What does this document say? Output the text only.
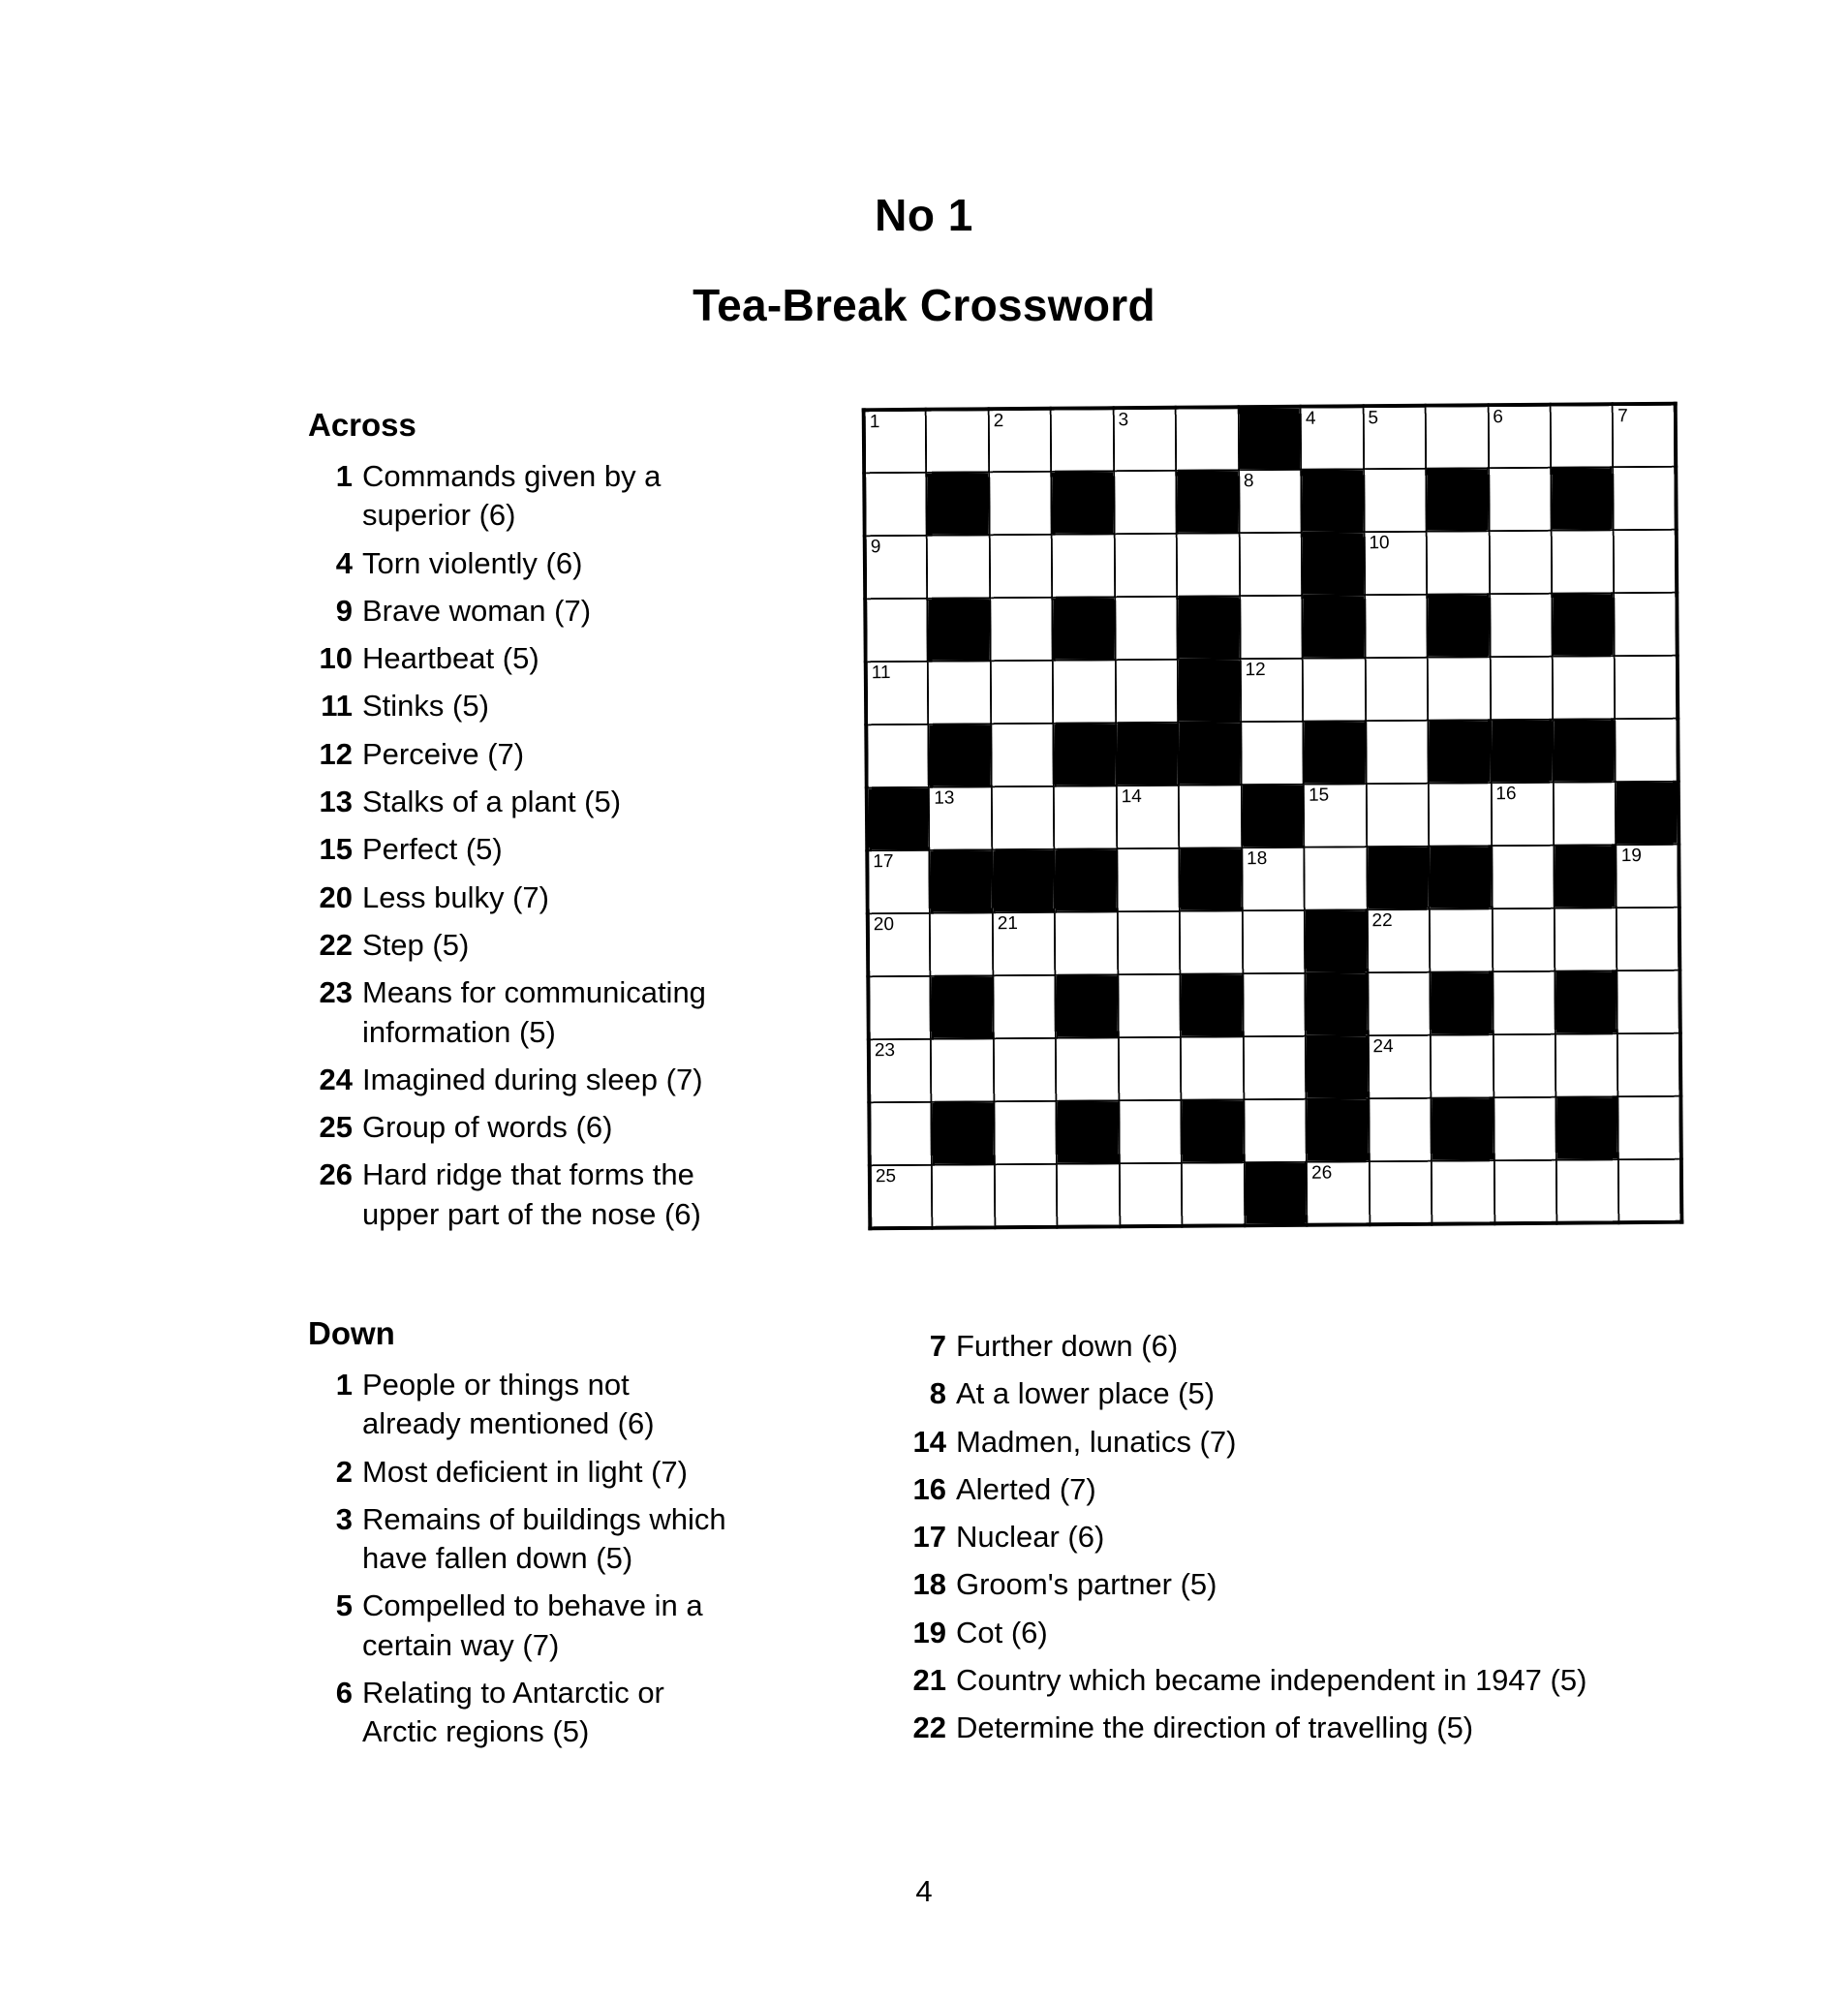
No 1
Tea-Break Crossword
Across
1 Commands given by a superior (6)
4 Torn violently (6)
9 Brave woman (7)
10 Heartbeat (5)
11 Stinks (5)
12 Perceive (7)
13 Stalks of a plant (5)
15 Perfect (5)
20 Less bulky (7)
22 Step (5)
23 Means for communicating information (5)
24 Imagined during sleep (7)
25 Group of words (6)
26 Hard ridge that forms the upper part of the nose (6)
Down
1 People or things not already mentioned (6)
2 Most deficient in light (7)
3 Remains of buildings which have fallen down (5)
5 Compelled to behave in a certain way (7)
6 Relating to Antarctic or Arctic regions (5)
7 Further down (6)
8 At a lower place (5)
14 Madmen, lunatics (7)
16 Alerted (7)
17 Nuclear (6)
18 Groom's partner (5)
19 Cot (6)
21 Country which became independent in 1947 (5)
22 Determine the direction of travelling (5)
1		2		3			4	5		6		7

						8						

9								10				

11						12						

	13			14			15			16		

17						18						19

20		21						22				

23								24				

25							26					

4
